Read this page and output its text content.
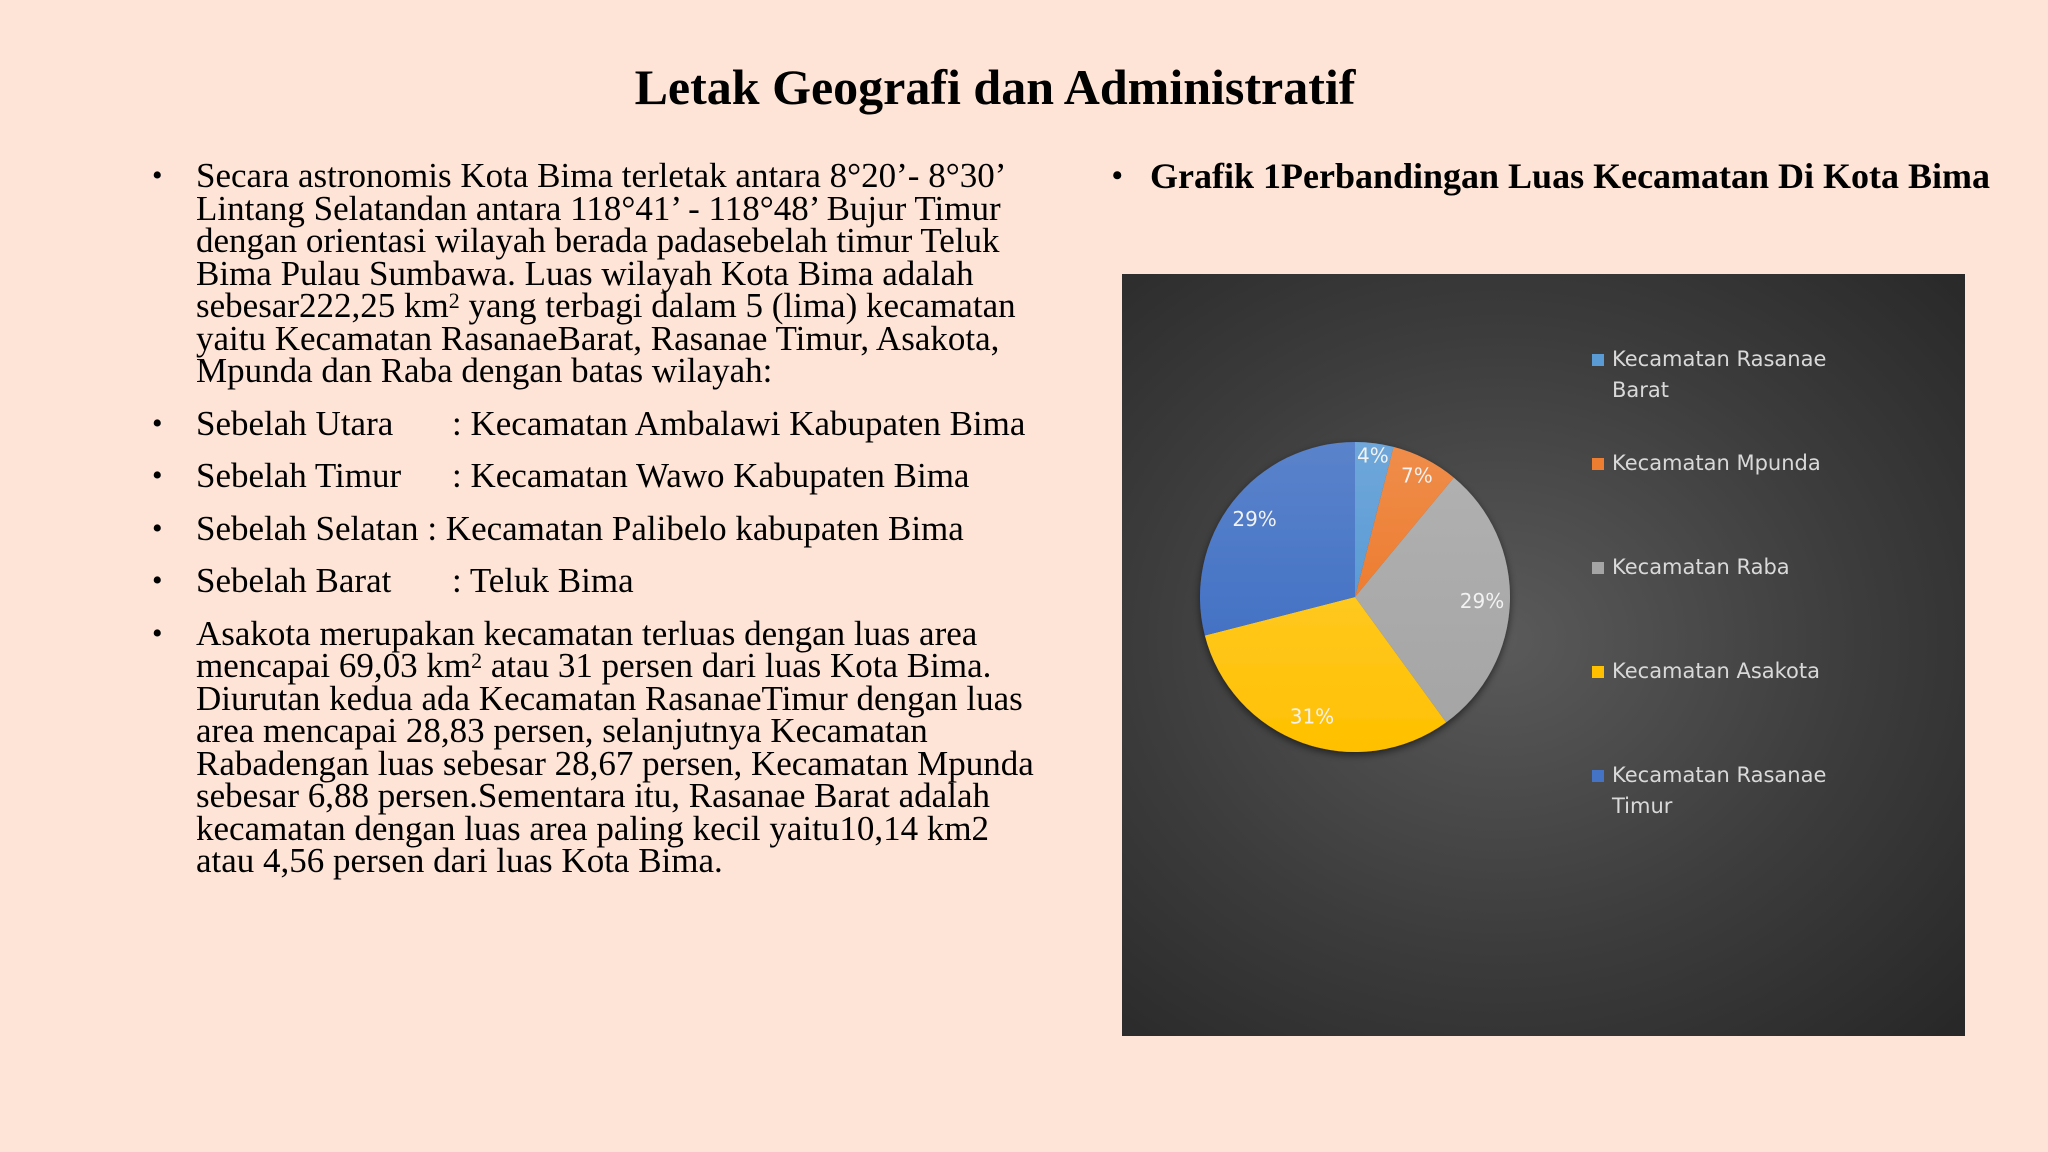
Letak Geografi dan Administratif
• Secara astronomis Kota Bima terletak antara 8°20’- 8°30’ Lintang Selatandan antara 118°41’ - 118°48’ Bujur Timur dengan orientasi wilayah berada padasebelah timur Teluk Bima Pulau Sumbawa. Luas wilayah Kota Bima adalah sebesar222,25 $km^2$ yang terbagi dalam 5 (lima) kecamatan yaitu Kecamatan RasanaeBarat, Rasanae Timur, Asakota, Mpunda dan Raba dengan batas wilayah:
• Sebelah Utara : Kecamatan Ambalawi Kabupaten Bima
• Sebelah Timur : Kecamatan Wawo Kabupaten Bima
• Sebelah Selatan : Kecamatan Palibelo kabupaten Bima
• Sebelah Barat : Teluk Bima
• Asakota merupakan kecamatan terluas dengan luas area mencapai 69,03 $km^2$ atau 31 persen dari luas Kota Bima. Diurutan kedua ada Kecamatan RasanaeTimur dengan luas area mencapai 28,83 persen, selanjutnya Kecamatan Rabadengan luas sebesar 28,67 persen, Kecamatan Mpunda sebesar 6,88 persen.Sementara itu, Rasanae Barat adalah kecamatan dengan luas area paling kecil yaitu10,14 km2 atau 4,56 persen dari luas Kota Bima.
• Grafik 1Perbandingan Luas Kecamatan Di Kota Bima
4%
7%
29%
31%
29%
Kecamatan Rasanae Barat
Kecamatan Mpunda
Kecamatan Raba
Kecamatan Asakota
Kecamatan Rasanae Timur
